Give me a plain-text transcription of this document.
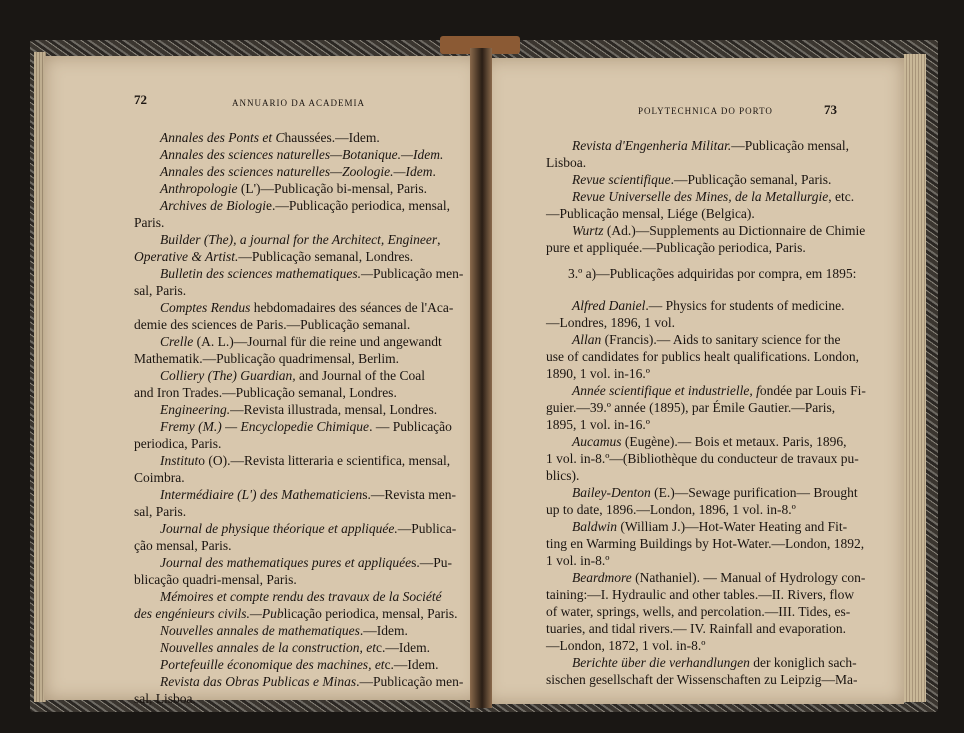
72	ANNUARIO DA ACADEMIA
Annales des Ponts et Chaussées.—Idem.
Annales des sciences naturelles—Botanique.—Idem.
Annales des sciences naturelles—Zoologie.—Idem.
Anthropologie (L')—Publicação bi-mensal, Paris.
Archives de Biologie.—Publicação periodica, mensal,
Paris.
Builder (The), a journal for the Architect, Engineer,
Operative & Artist.—Publicação semanal, Londres.
Bulletin des sciences mathematiques.—Publicação men-
sal, Paris.
Comptes Rendus hebdomadaires des séances de l'Aca-
demie des sciences de Paris.—Publicação semanal.
Crelle (A. L.)—Journal für die reine und angewandt
Mathematik.—Publicação quadrimensal, Berlim.
Colliery (The) Guardian, and Journal of the Coal
and Iron Trades.—Publicação semanal, Londres.
Engineering.—Revista illustrada, mensal, Londres.
Fremy (M.) — Encyclopedie Chimique. — Publicação
periodica, Paris.
Instituto (O).—Revista litteraria e scientifica, mensal,
Coimbra.
Intermédiaire (L') des Mathematiciens.—Revista men-
sal, Paris.
Journal de physique théorique et appliquée.—Publica-
ção mensal, Paris.
Journal des mathematiques pures et appliquées.—Pu-
blicação quadri-mensal, Paris.
Mémoires et compte rendu des travaux de la Société
des engénieurs civils.—Publicação periodica, mensal, Paris.
Nouvelles annales de mathematiques.—Idem.
Nouvelles annales de la construction, etc.—Idem.
Portefeuille économique des machines, etc.—Idem.
Revista das Obras Publicas e Minas.—Publicação men-
sal, Lisboa.
POLYTECHNICA DO PORTO	73
Revista d'Engenheria Militar.—Publicação mensal,
Lisboa.
Revue scientifique.—Publicação semanal, Paris.
Revue Universelle des Mines, de la Metallurgie, etc.
—Publicação mensal, Liége (Belgica).
Wurtz (Ad.)—Supplements au Dictionnaire de Chimie
pure et appliquée.—Publicação periodica, Paris.
3.º a)—Publicações adquiridas por compra, em 1895:
Alfred Daniel.— Physics for students of medicine.
—Londres, 1896, 1 vol.
Allan (Francis).— Aids to sanitary science for the
use of candidates for publics healt qualifications. London,
1890, 1 vol. in-16.º
Année scientifique et industrielle, fondée par Louis Fi-
guier.—39.º année (1895), par Émile Gautier.—Paris,
1895, 1 vol. in-16.º
Aucamus (Eugène).— Bois et metaux. Paris, 1896,
1 vol. in-8.º—(Bibliothèque du conducteur de travaux pu-
blics).
Bailey-Denton (E.)—Sewage purification— Brought
up to date, 1896.—London, 1896, 1 vol. in-8.º
Baldwin (William J.)—Hot-Water Heating and Fit-
ting en Warming Buildings by Hot-Water.—London, 1892,
1 vol. in-8.º
Beardmore (Nathaniel). — Manual of Hydrology con-
taining:—I. Hydraulic and other tables.—II. Rivers, flow
of water, springs, wells, and percolation.—III. Tides, es-
tuaries, and tidal rivers.— IV. Rainfall and evaporation.
—London, 1872, 1 vol. in-8.º
Berichte über die verhandlungen der koniglich sach-
sischen gesellschaft der Wissenschaften zu Leipzig—Ma-
